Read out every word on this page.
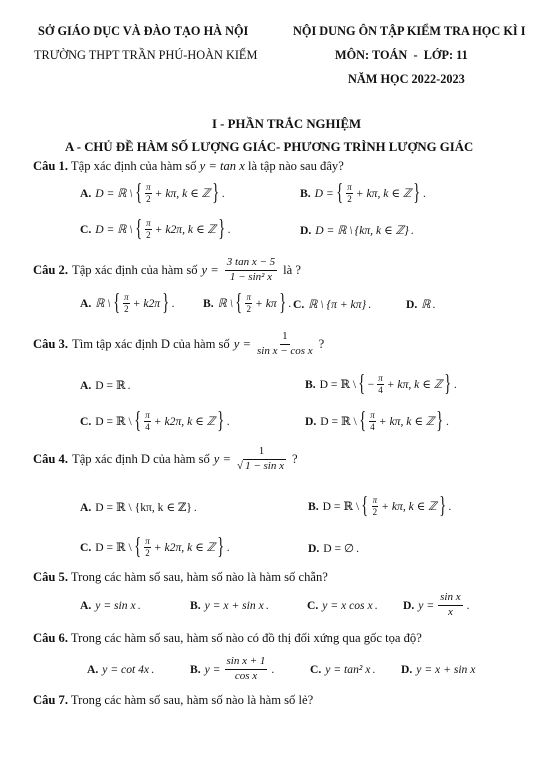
SỞ GIÁO DỤC VÀ ĐÀO TẠO HÀ NỘI
TRƯỜNG THPT TRẦN PHÚ-HOÀN KIẾM
NỘI DUNG ÔN TẬP KIỂM TRA HỌC KÌ I
MÔN: TOÁN  -  LỚP: 11
NĂM HỌC 2022-2023
I - PHẦN TRẮC NGHIỆM
A - CHỦ ĐỀ HÀM SỐ LƯỢNG GIÁC- PHƯƠNG TRÌNH LƯỢNG GIÁC
Câu 1. Tập xác định của hàm số y = tan x là tập nào sau đây?
A. D = ℝ \ { $\frac{\pi}{2} + k\pi$, k ∈ ℤ } .	B. D = { $\frac{\pi}{2} + k\pi$, k ∈ ℤ } .
C. D = ℝ \ { $\frac{\pi}{2} + k2\pi$, k ∈ ℤ } .	D. D = ℝ \ {kπ, k ∈ ℤ} .
Câu 2. Tập xác định của hàm số $y = \frac{\text{3 tan x − 5}}{\text{1 − sin² x}}$ là ?
A. ℝ \ { $\frac{\pi}{2} + k2\pi$ } . B. ℝ \ { $\frac{\pi}{2} + k\pi$ } . C. ℝ \ {π + kπ} .	D. ℝ .
Câu 3. Tìm tập xác định D của hàm số $y = \frac{1}{\text{sin x − cos x}}$ ?
A. D = ℝ .	B. D = ℝ \ { − $\frac{\pi}{4} + k\pi$, k ∈ ℤ } .
C. D = ℝ \ { $\frac{\pi}{4} + k2\pi$, k ∈ ℤ } .	D. D = ℝ \ { $\frac{\pi}{4} + k\pi$, k ∈ ℤ } .
Câu 4. Tập xác định D của hàm số $y = \frac{1}{\text{√ 1 − sin x}}$ ?
A. D = ℝ \ {kπ, k ∈ ℤ} .	B. D = ℝ \ { $\frac{\pi}{2} + k\pi$, k ∈ ℤ } .
C. D = ℝ \ { $\frac{\pi}{2} + k2\pi$, k ∈ ℤ } .	D. D = ∅ .
Câu 5. Trong các hàm số sau, hàm số nào là hàm số chẵn?
A. y = sin x .	B. y = x + sin x .	C. y = x cos x . D. $y = \frac{\text{sin x}}{x}$ .
Câu 6. Trong các hàm số sau, hàm số nào có đồ thị đối xứng qua gốc tọa độ?
A. y = cot 4x .	B. $y = \frac{\text{sin x + 1}}{\text{cos x}}$ .	C. y = tan² x . D. y = x + sin x
Câu 7. Trong các hàm số sau, hàm số nào là hàm số lẻ?
